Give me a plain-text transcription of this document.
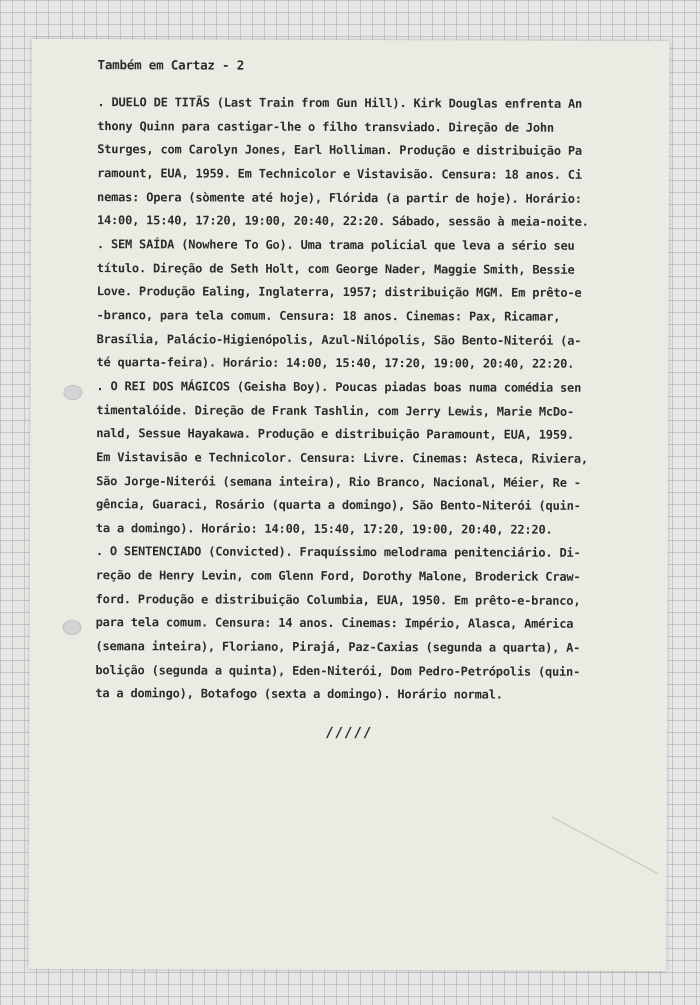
Também em Cartaz - 2
. DUELO DE TITÃS (Last Train from Gun Hill). Kirk Douglas enfrenta An
thony Quinn para castigar-lhe o filho transviado. Direção de John
Sturges, com Carolyn Jones, Earl Holliman. Produção e distribuição Pa
ramount, EUA, 1959. Em Technicolor e Vistavisão. Censura: 18 anos. Ci
nemas: Opera (sòmente até hoje), Flórida (a partir de hoje). Horário:
14:00, 15:40, 17:20, 19:00, 20:40, 22:20. Sábado, sessão à meia-noite.
. SEM SAÍDA (Nowhere To Go). Uma trama policial que leva a sério seu
título. Direção de Seth Holt, com George Nader, Maggie Smith, Bessie
Love. Produção Ealing, Inglaterra, 1957; distribuição MGM. Em prêto-e
-branco, para tela comum. Censura: 18 anos. Cinemas: Pax, Ricamar,
Brasília, Palácio-Higienópolis, Azul-Nilópolis, São Bento-Niterói (a-
té quarta-feira). Horário: 14:00, 15:40, 17:20, 19:00, 20:40, 22:20.
. O REI DOS MÁGICOS (Geisha Boy). Poucas piadas boas numa comédia sen
timentalóide. Direção de Frank Tashlin, com Jerry Lewis, Marie McDo-
nald, Sessue Hayakawa. Produção e distribuição Paramount, EUA, 1959.
Em Vistavisão e Technicolor. Censura: Livre. Cinemas: Asteca, Riviera,
São Jorge-Niterói (semana inteira), Rio Branco, Nacional, Méier, Re -
gência, Guaraci, Rosário (quarta a domingo), São Bento-Niterói (quin-
ta a domingo). Horário: 14:00, 15:40, 17:20, 19:00, 20:40, 22:20.
. O SENTENCIADO (Convicted). Fraquíssimo melodrama penitenciário. Di-
reção de Henry Levin, com Glenn Ford, Dorothy Malone, Broderick Craw-
ford. Produção e distribuição Columbia, EUA, 1950. Em prêto-e-branco,
para tela comum. Censura: 14 anos. Cinemas: Império, Alasca, América
(semana inteira), Floriano, Pirajá, Paz-Caxias (segunda a quarta), A-
bolição (segunda a quinta), Eden-Niterói, Dom Pedro-Petrópolis (quin-
ta a domingo), Botafogo (sexta a domingo). Horário normal.
/////
